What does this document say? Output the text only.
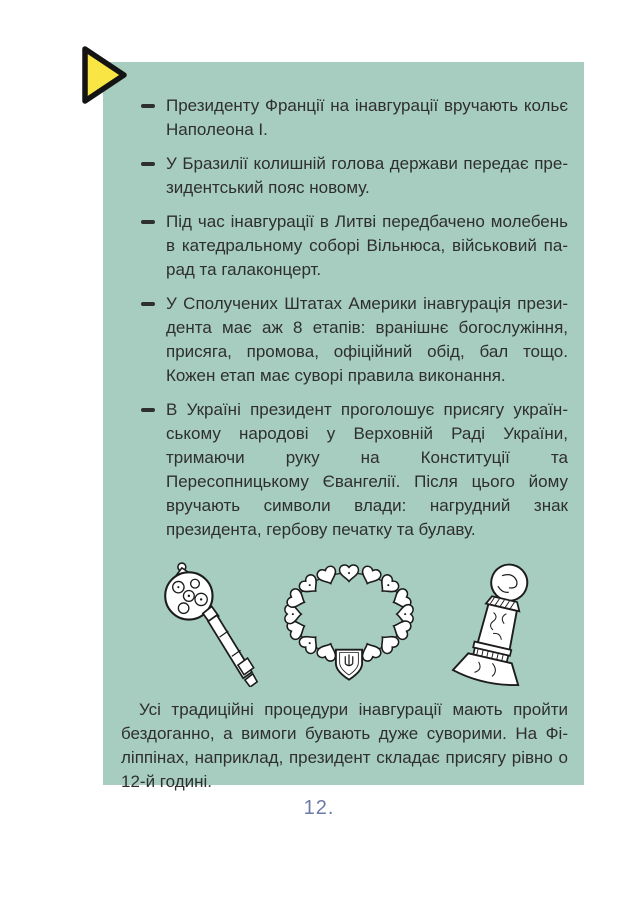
Президенту Франції на інавгурації вручають кольє Наполеона І.
У Бразилії колишній голова держави передає президентський пояс новому.
Під час інавгурації в Литві передбачено молебень в катедральному соборі Вільнюса, військовий парад та галаконцерт.
У Сполучених Штатах Америки інавгурація президента має аж 8 етапів: вранішнє богослужіння, присяга, промова, офіційний обід, бал тощо. Кожен етап має суворі правила виконання.
В Україні президент проголошує присягу українському народові у Верховній Раді України, тримаючи руку на Конституції та Пересопницькому Євангелії. Після цього йому вручають символи влади: нагрудний знак президента, гербову печатку та булаву.

Усі традиційні процедури інавгурації мають пройти бездоганно, а вимоги бувають дуже суворими. На Філіппінах, наприклад, президент складає присягу рівно о 12-й годині.

12.
